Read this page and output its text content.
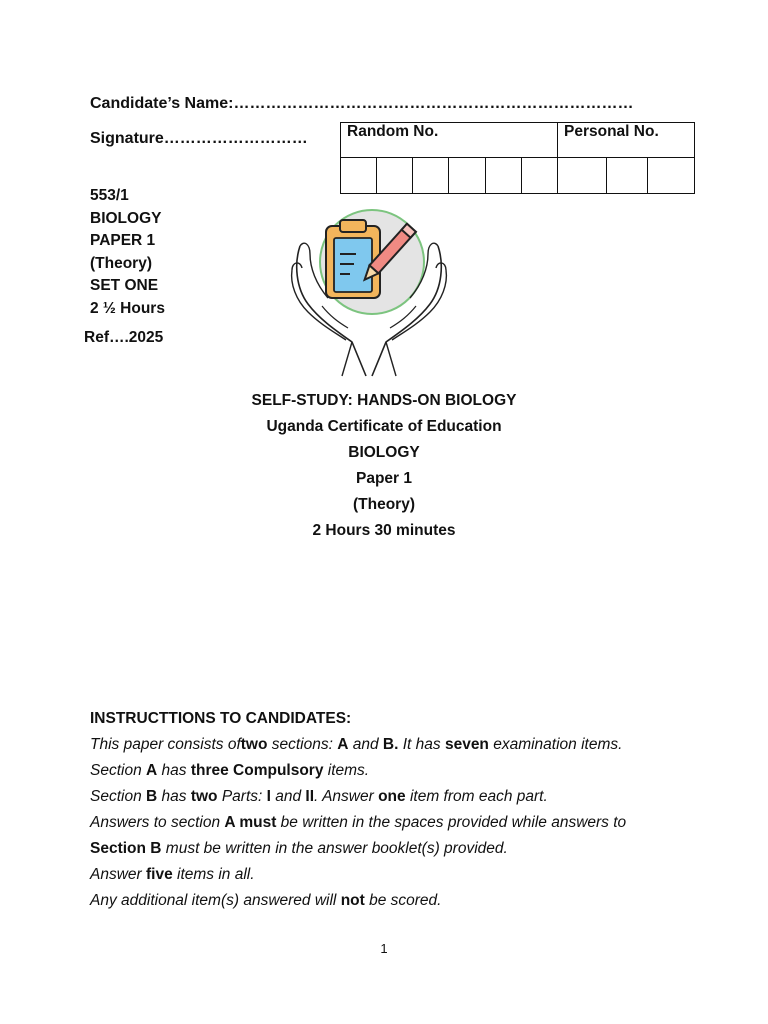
Candidate’s Name:…………………………………………………………………
Signature………………………	Random No.						Personal No.		

553/1
BIOLOGY
PAPER 1
(Theory)
SET ONE
2 ½ Hours
Ref….2025
SELF-STUDY: HANDS-ON BIOLOGY
Uganda Certificate of Education
BIOLOGY
Paper 1
(Theory)
2 Hours 30 minutes
INSTRUCTTIONS TO CANDIDATES:
This paper consists oftwo sections: A and B. It has seven examination items.
Section A has three Compulsory items.
Section B has two Parts: I and II. Answer one item from each part.
Answers to section A must be written in the spaces provided while answers to
Section B must be written in the answer booklet(s) provided.
Answer five items in all.
Any additional item(s) answered will not be scored.
1
